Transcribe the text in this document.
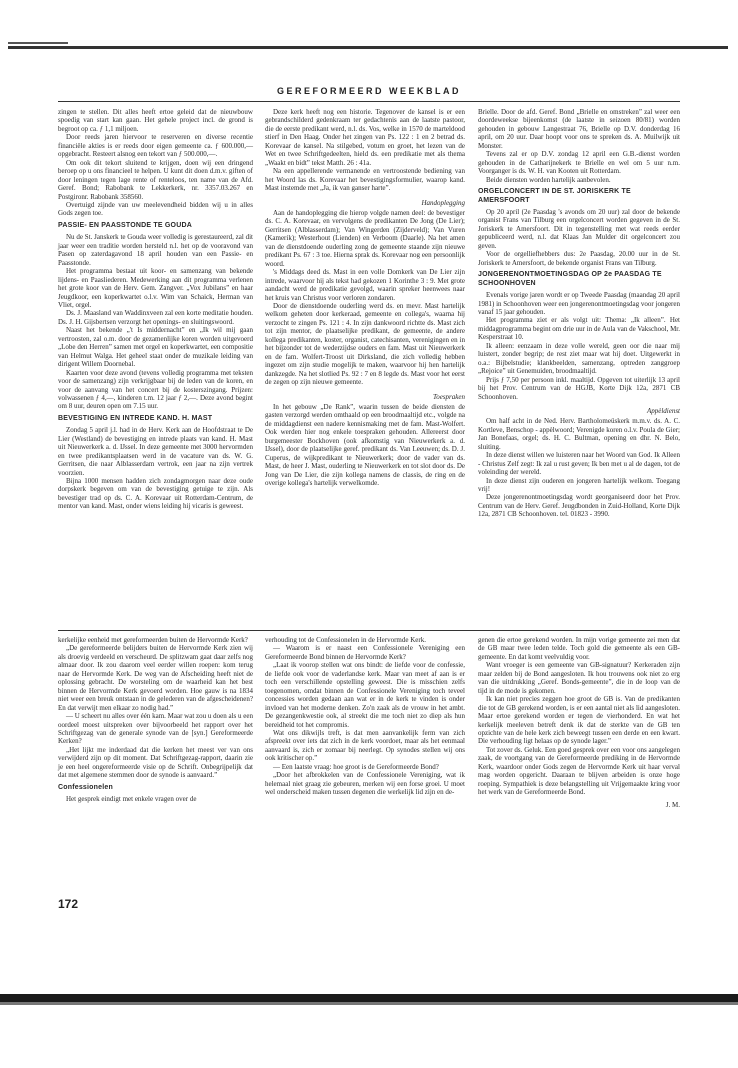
GEREFORMEERD WEEKBLAD

zingen te stellen. Dit alles heeft ertoe geleid dat de nieuwbouw spoedig van start kan gaan. Het gehele project incl. de grond is begroot op ca. ƒ 1,1 miljoen.

Door reeds jaren hiervoor te reserveren en diverse recentie financiële akties is er reeds door eigen gemeente ca. ƒ 600.000,— opgebracht. Resteert alsnog een tekort van ƒ 500.000,—.

Om ook dit tekort sluitend te krijgen, doen wij een dringend beroep op u ons financieel te helpen. U kunt dit doen d.m.v. giften of door leningen tegen lage rente of renteloos, ten name van de Afd. Geref. Bond; Rabobank te Lekkerkerk, nr. 3357.03.267 en Postgironr. Rabobank 358560.

Overtuigd zijnde van uw meelevendheid bidden wij u in alles Gods zegen toe.

PASSIE- EN PAASSTONDE TE GOUDA

Nu de St. Janskerk te Gouda weer volledig is gerestaureerd, zal dit jaar weer een traditie worden hersteld n.l. het op de vooravond van Pasen op zaterdagavond 18 april houden van een Passie- en Paasstonde.

Het programma bestaat uit koor- en samenzang van bekende lijdens- en Paasliederen. Medewerking aan dit programma verlenen het grote koor van de Herv. Gem. Zangver. „Vox Jubilans” en haar Jeugdkoor, een koperkwartet o.l.v. Wim van Schaick, Herman van Vliet, orgel.

Ds. J. Maasland van Waddinxveen zal een korte meditatie houden. Ds. J. H. Gijsbertsen verzorgt het openings- en sluitingswoord.

Naast het bekende „'t Is middernacht” en „Ik wil mij gaan vertroosten, zal o.m. door de gezamenlijke koren worden uitgevoerd „Lobe den Herren” samen met orgel en koperkwartet, een compositie van Helmut Walga. Het geheel staat onder de muzikale leiding van dirigent Willem Doornebal.

Kaarten voor deze avond (tevens volledig programma met teksten voor de samenzang) zijn verkrijgbaar bij de leden van de koren, en voor de aanvang van het concert bij de kosterszingang. Prijzen: volwassenen ƒ 4,—, kinderen t.m. 12 jaar ƒ 2,—. Deze avond begint om 8 uur, deuren open om 7.15 uur.

BEVESTIGING EN INTREDE KAND. H. MAST

Zondag 5 april j.l. had in de Herv. Kerk aan de Hoofdstraat te De Lier (Westland) de bevestiging en intrede plaats van kand. H. Mast uit Nieuwerkerk a. d. IJssel. In deze gemeente met 3000 hervormden en twee predikantsplaatsen werd in de vacature van ds. W. G. Gerritsen, die naar Alblasserdam vertrok, een jaar na zijn vertrek voorzien.

Bijna 1000 mensen hadden zich zondagmorgen naar deze oude dorpskerk begeven om van de bevestiging getuige te zijn. Als bevestiger trad op ds. C. A. Korevaar uit Rotterdam-Centrum, de mentor van kand. Mast, onder wiens leiding hij vicaris is geweest.

Deze kerk heeft nog een historie. Tegenover de kansel is er een gebrandschilderd gedenkraam ter gedachtenis aan de laatste pastoor, die de eerste predikant werd, n.l. ds. Vos, welke in 1570 de marteldood stierf in Den Haag. Onder het zingen van Ps. 122 : 1 en 2 betrad ds. Korevaar de kansel. Na stilgebed, votum en groet, het lezen van de Wet en twee Schriftgedeelten, hield ds. een predikatie met als thema „Waakt en bidt” tekst Matth. 26 : 41a.

Na een appellerende vermanende en vertroostende bediening van het Woord las ds. Korevaar het bevestigingsformulier, waarop kand. Mast instemde met „Ja, ik van ganser harte”.

Handoplegging

Aan de handoplegging die hierop volgde namen deel: de bevestiger ds. C. A. Korevaar, en vervolgens de predikanten De Jong (De Lier); Gerritsen (Alblasserdam); Van Wingerden (Zijderveld); Van Vuren (Kamerik); Westerhout (Lienden) en Verboom (Daarle). Na het amen van de dienstdoende ouderling zong de gemeente staande zijn nieuwe predikant Ps. 67 : 3 toe. Hierna sprak ds. Korevaar nog een persoonlijk woord.

's Middags deed ds. Mast in een volle Domkerk van De Lier zijn intrede, waarvoor hij als tekst had gekozen 1 Korinthe 3 : 9. Met grote aandacht werd de predikatie gevolgd, waarin spreker heenwees naar het kruis van Christus voor verloren zondaren.

Door de dienstdoende ouderling werd ds. en mevr. Mast hartelijk welkom geheten door kerkeraad, gemeente en collega's, waarna hij verzocht te zingen Ps. 121 : 4. In zijn dankwoord richtte ds. Mast zich tot zijn mentor, de plaatselijke predikant, de gemeente, de andere kollega predikanten, koster, organist, catechisanten, verenigingen en in het bijzonder tot de wederzijdse ouders en fam. Mast uit Nieuwerkerk en de fam. Wolfert-Troost uit Dirksland, die zich volledig hebben ingezet om zijn studie mogelijk te maken, waarvoor hij hen hartelijk dankzegde. Na het slotlied Ps. 92 : 7 en 8 legde ds. Mast voor het eerst de zegen op zijn nieuwe gemeente.

Toespraken

In het gebouw „De Rank”, waarin tussen de beide diensten de gasten verzorgd werden omthaald op een broodmaaltijd etc., volgde na de middagdienst een nadere kennismaking met de fam. Mast-Wolfert. Ook werden hier nog enkele toespraken gehouden. Allereerst door burgemeester Bockhoven (ook afkomstig van Nieuwerkerk a. d. IJssel), door de plaatselijke geref. predikant ds. Van Leeuwen; ds. D. J. Cuperus, de wijkpredikant te Nieuwerkerk; door de vader van ds. Mast, de heer J. Mast, ouderling te Nieuwerkerk en tot slot door ds. De Jong van De Lier, die zijn kollega namens de classis, de ring en de overige kollega's hartelijk verwelkomde.

Brielle. Door de afd. Geref. Bond „Brielle en omstreken” zal weer een doordeweekse bijeenkomst (de laatste in seizoen 80/81) worden gehouden in gebouw Langestraat 76, Brielle op D.V. donderdag 16 april, om 20 uur. Daar hoopt voor ons te spreken ds. A. Muilwijk uit Monster.

Tevens zal er op D.V. zondag 12 april een G.B.-dienst worden gehouden in de Catharijnekerk te Brielle en wel om 5 uur n.m. Voorganger is ds. W. H. van Kooten uit Rotterdam.

Beide diensten worden hartelijk aanbevolen.

ORGELCONCERT IN DE ST. JORISKERK TE AMERSFOORT

Op 20 april (2e Paasdag 's avonds om 20 uur) zal door de bekende organist Frans van Tilburg een orgelconcert worden gegeven in de St. Joriskerk te Amersfoort. Dit in tegenstelling met wat reeds eerder gepubliceerd werd, n.l. dat Klaas Jan Mulder dit orgelconcert zou geven.

Voor de orgelliefhebbers dus: 2e Paasdag, 20.00 uur in de St. Joriskerk te Amersfoort, de bekende organist Frans van Tilburg.

JONGERENONTMOETINGSDAG OP 2e PAASDAG TE SCHOONHOVEN

Evenals vorige jaren wordt er op Tweede Paasdag (maandag 20 april 1981) in Schoonhoven weer een jongerenontmoetingsdag voor jongeren vanaf 15 jaar gehouden.

Het programma ziet er als volgt uit: Thema: „Ik alleen”. Het middagprogramma begint om drie uur in de Aula van de Vakschool, Mr. Kesperstraat 10.

Ik alleen: eenzaam in deze volle wereld, geen oor die naar mij luistert, zonder begrip; de rest ziet maar wat hij doet. Uitgewerkt in o.a.: Bijbelstudie; klankbeelden, samenzang, optreden zanggroep „Rejoice” uit Genemuiden, broodmaaltijd.

Prijs ƒ 7,50 per persoon inkl. maaltijd. Opgeven tot uiterlijk 13 april bij het Prov. Centrum van de HGJB, Korte Dijk 12a, 2871 CB Schoonhoven.

Appèldienst

Om half acht in de Ned. Herv. Bartholomeüskerk m.m.v. ds. A. C. Kortleve, Benschop - appèlwoord; Verenigde koren o.l.v. Poula de Gier; Jan Bonefaas, orgel; ds. H. C. Bultman, opening en dhr. N. Belo, sluiting.

In deze dienst willen we luisteren naar het Woord van God. Ik Alleen - Christus Zelf zegt: Ik zal u rust geven; Ik ben met u al de dagen, tot de voleinding der wereld.

In deze dienst zijn ouderen en jongeren hartelijk welkom. Toegang vrij!

Deze jongerenontmoetingsdag wordt georganiseerd door het Prov. Centrum van de Herv. Geref. Jeugdbonden in Zuid-Holland, Korte Dijk 12a, 2871 CB Schoonhoven. tel. 01823 - 3990.

kerkelijke eenheid met gereformeerden buiten de Hervormde Kerk?

„De gereformeerde belijders buiten de Hervormde Kerk zien wij als droevig verdeeld en verscheurd. De splitzwam gaat daar zelfs nog almaar door. Ik zou daarom veel eerder willen roepen: kom terug naar de Hervormde Kerk. De weg van de Afscheiding heeft niet de oplossing gebracht. De worsteling om de waarheid kan het best binnen de Hervormde Kerk gevoerd worden. Hoe gauw is na 1834 niet weer een breuk ontstaan in de gelederen van de afgescheidenen? En dat verwijt men elkaar zo nodig had.”

— U scheert nu alles over één kam. Maar wat zou u doen als u een oordeel moest uitspreken over bijvoorbeeld het rapport over het Schriftgezag van de generale synode van de [syn.] Gereformeerde Kerken?

„Het lijkt me inderdaad dat die kerken het meest ver van ons verwijderd zijn op dit moment. Dat Schriftgezag-rapport, daarin zie je een heel ongereformeerde visie op de Schrift. Onbegrijpelijk dat dat met algemene stemmen door de synode is aanvaard.”

Confessionelen

Het gesprek eindigt met enkele vragen over de

verhouding tot de Confessionelen in de Hervormde Kerk.

— Waarom is er naast een Confessionele Vereniging een Gereformeerde Bond binnen de Hervormde Kerk?

„Laat ik voorop stellen wat ons bindt: de liefde voor de confessie, de liefde ook voor de vaderlandse kerk. Maar van meet af aan is er toch een verschillende opstelling geweest. Die is misschien zelfs toegenomen, omdat binnen de Confessionele Vereniging toch teveel concessies worden gedaan aan wat er in de kerk te vinden is onder invloed van het moderne denken. Zo'n zaak als de vrouw in het ambt. De gezangenkwestie ook, al streekt die me toch niet zo diep als hun bereidheid tot het compromis.

Wat ons dikwijls treft, is dat men aanvankelijk ferm van zich afspreekt over iets dat zich in de kerk voordoet, maar als het eenmaal aanvaard is, zich er zomaar bij neerlegt. Op synodes stellen wij ons ook kritischer op.”

— Een laatste vraag: hoe groot is de Gereformeerde Bond?

„Door het afbrokkelen van de Confessionele Vereniging, wat ik helemaal niet graag zie gebeuren, merken wij een forse groei. U moet wel onderscheid maken tussen degenen die werkelijk lid zijn en de-

genen die ertoe gerekend worden. In mijn vorige gemeente zei men dat de GB maar twee leden telde. Toch gold die gemeente als een GB-gemeente. En dat komt veelvuldig voor.

Want vroeger is een gemeente van GB-signatuur? Kerkeraden zijn maar zelden bij de Bond aangesloten. Ik hou trouwens ook niet zo erg van die uitdrukking „Geref. Bonds-gemeente”, die in de loop van de tijd in de mode is gekomen.

Ik kan niet precies zeggen hoe groot de GB is. Van de predikanten die tot de GB gerekend worden, is er een aantal niet als lid aangesloten. Maar ertoe gerekend worden er tegen de vierhonderd. En wat het kerkelijk meeleven betreft denk ik dat de sterkte van de GB ten opzichte van de hele kerk zich beweegt tussen een derde en een kwart. Die verhouding ligt helaas op de synode lager.”

Tot zover ds. Geluk. Een goed gesprek over een voor ons aangelegen zaak, de voortgang van de Gereformeerde prediking in de Hervormde Kerk, waardoor onder Gods zegen de Hervormde Kerk uit haar verval mag worden opgericht. Daaraan te blijven arbeiden is onze hoge roeping. Sympathiek is deze belangstelling uit Vrijgemaakte kring voor het werk van de Gereformeerde Bond.

J. M.

172
